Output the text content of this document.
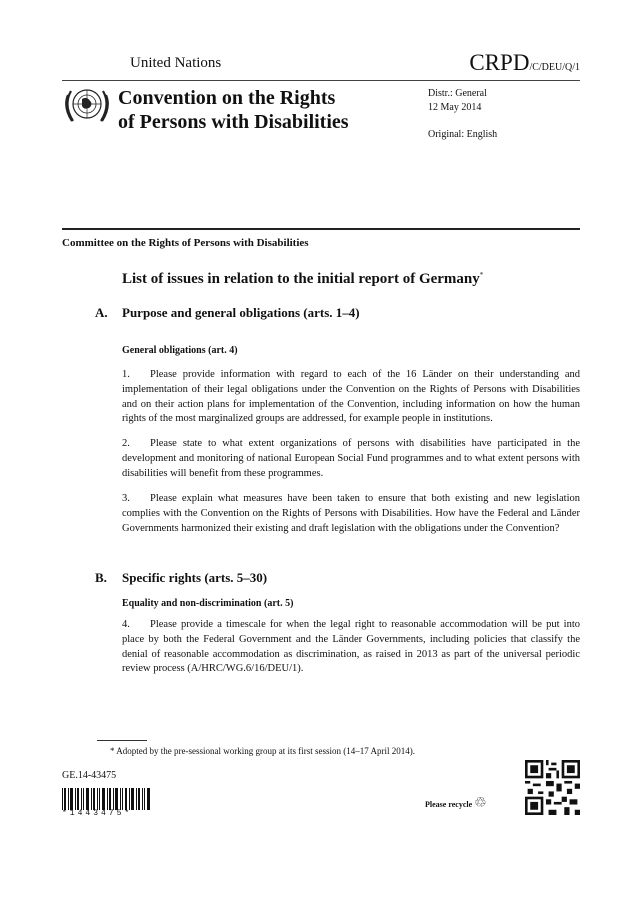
United Nations	CRPD/C/DEU/Q/1
Convention on the Rights
of Persons with Disabilities
Distr.: General
12 May 2014
Original: English
Committee on the Rights of Persons with Disabilities
List of issues in relation to the initial report of Germany*
A. Purpose and general obligations (arts. 1–4)
General obligations (art. 4)
1. Please provide information with regard to each of the 16 Länder on their understanding and implementation of their legal obligations under the Convention on the Rights of Persons with Disabilities and on their action plans for implementation of the Convention, including information on how the human rights of the most marginalized groups are addressed, for example people in institutions.
2. Please state to what extent organizations of persons with disabilities have participated in the development and monitoring of national European Social Fund programmes and to what extent persons with disabilities will benefit from these programmes.
3. Please explain what measures have been taken to ensure that both existing and new legislation complies with the Convention on the Rights of Persons with Disabilities. How have the Federal and Länder Governments harmonized their existing and draft legislation with the obligations under the Convention?
B. Specific rights (arts. 5–30)
Equality and non-discrimination (art. 5)
4. Please provide a timescale for when the legal right to reasonable accommodation will be put into place by both the Federal Government and the Länder Governments, including policies that classify the denial of reasonable accommodation as discrimination, as raised in 2013 as part of the universal periodic review process (A/HRC/WG.6/16/DEU/1).
* Adopted by the pre-sessional working group at its first session (14–17 April 2014).
GE.14-43475
*1443475*
Please recycle ♲
